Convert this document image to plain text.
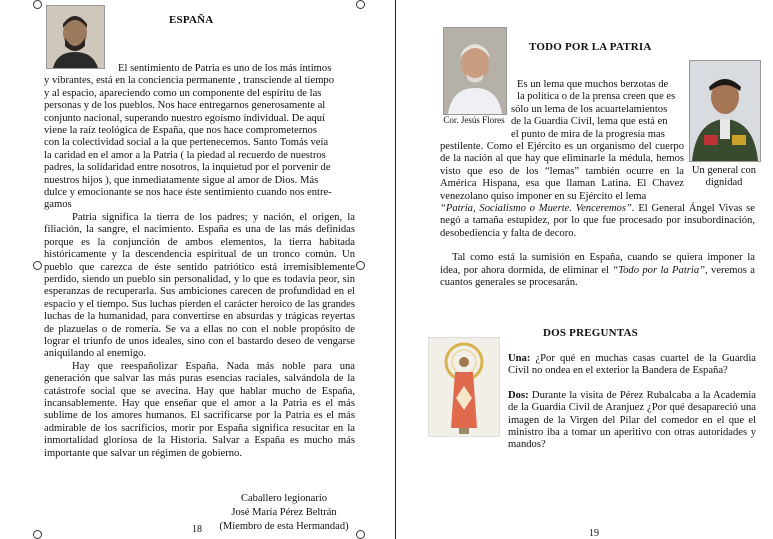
ESPAÑA

El sentimiento de Patria es uno de los más íntimos

y vibrantes, está en la conciencia permanente , transciende al tiempo

y al espacio, apareciendo como un componente del espíritu de las

personas y de los pueblos. Nos hace entregarnos generosamente al

conjunto nacional, superando nuestro egoísmo individual. De aquí

viene la raíz teológica de España, que nos hace comprometernos

con la colectividad social a la que pertenecemos. Santo Tomás veía

la caridad en el amor a la Patria ( la piedad al recuerdo de nuestros

padres, la solidaridad entre nosotros, la inquietud por el porvenir de

nuestros hijos ), que inmediatamente sigue al amor de Dios. Más

dulce y emocionante se nos hace éste sentimiento cuando nos entre-

gamos

Patria significa la tierra de los padres; y nación, el origen, la filiación, la sangre, el nacimiento. España es una de las más definidas porque es la conjunción de ambos elementos, la tierra habitada históricamente y la descendencia espiritual de un tronco común. Un pueblo que carezca de éste sentido patriótico está irremisiblemente perdido, siendo un pueblo sin personalidad, y lo que es todavía peor, sin esperanzas de recuperarla. Sus ambiciones carecen de profundidad en el espacio y el tiempo. Sus luchas pierden el carácter heroico de las grandes luchas de la humanidad, para convertirse en absurdas y trágicas reyertas de plazuelas o de romería. Se va a ellas no con el noble propósito de lograr el triunfo de unos ideales, sino con el bastardo deseo de vengarse aniquilando al enemigo.

Hay que reespañolizar España. Nada más noble para una generación que salvar las más puras esencias raciales, salvándola de la catástrofe social que se avecina. Hay que hablar mucho de España, incansablemente. Hay que enseñar que el amor a la Patria es el más sublime de los amores humanos. El sacrificarse por la Patria es el más admirable de los sacrificios, morir por España significa resucitar en la inmortalidad gloriosa de la Historia. Salvar a España es mucho más importante que salvar un régimen de gobierno.

Caballero legionario
José María Pérez Beltrán
(Miembro de esta Hermandad)
18
Cor. Jesús Flores
TODO POR LA PATRIA
Un general con
dignidad

Es un lema que muchos berzotas de

la política o de la prensa creen que es

sólo un lema de los acuartelamientos

de la Guardia Civil, lema que está en

el punto de mira de la progresía mas

pestilente. Como el Ejército es un organismo del cuerpo de la nación al que hay que eliminarle la médula, hemos visto que eso de los “lemas” también ocurre en la América Hispana, esa que llaman Latina. El Chavez venezolano quiso imponer en su Ejército el lema

“Patria, Socialismo o Muerte. Venceremos”. El General Ángel Vivas se negó a tamaña estupidez, por lo que fue procesado por insubordinación, desobediencia y falta de decoro.

Tal como está la sumisión en España, cuando se quiera imponer la idea, por ahora dormida, de eliminar el “Todo por la Patria”, veremos a cuantos generales se procesarán.

DOS PREGUNTAS

Una: ¿Por qué en muchas casas cuartel de la Guardia Civil no ondea en el exterior la Bandera de España?

Dos: Durante la visita de Pérez Rubalcaba a la Academia de la Guardia Civil de Aranjuez ¿Por qué desapareció una imagen de la Virgen del Pilar del comedor en el que el ministro iba a tomar un aperitivo con otras autoridades y mandos?

19
